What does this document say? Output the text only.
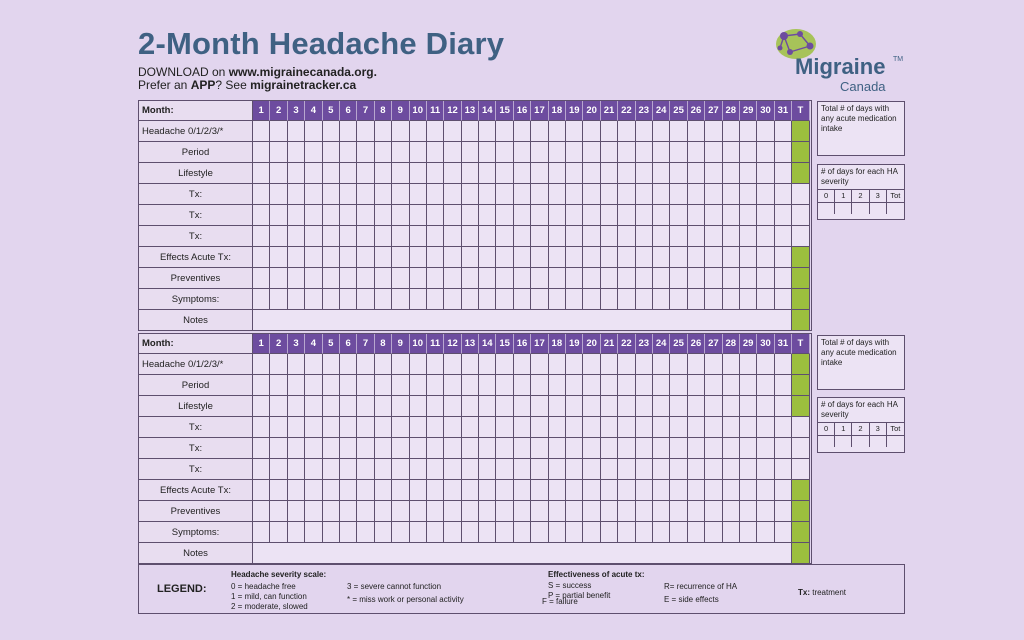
2-Month Headache Diary
DOWNLOAD on www.migrainecanada.org.
Prefer an APP? See migrainetracker.ca
Migraine TM
Canada
Month:	1	2	3	4	5	6	7	8	9 10 11 12 13 14 15 16 17 18 19 20 21 22 23 24 25 26 27 28 29 30 31 T
Headache 0/1/2/3/*
Period
Lifestyle
Tx:
Tx:
Tx:
Effects Acute Tx:
Preventives
Symptoms:
Notes
Month:	1	2	3	4	5	6	7	8	9 10 11 12 13 14 15 16 17 18 19 20 21 22 23 24 25 26 27 28 29 30 31 T
Headache 0/1/2/3/*
Period
Lifestyle
Tx:
Tx:
Tx:
Effects Acute Tx:
Preventives
Symptoms:
Notes
Total # of days with any acute medication intake
# of days for each HA severity
0	1	2	3	Tot
Total # of days with any acute medication intake
# of days for each HA severity
0	1	2	3	Tot
LEGEND:
Headache severity scale:
0 = headache free
1 = mild, can function
2 = moderate, slowed
3 = severe cannot function
* = miss work or personal activity
Effectiveness of acute tx:
S = success
P = partial benefit
F = failure
R= recurrence of HA
E = side effects
Tx: treatment
